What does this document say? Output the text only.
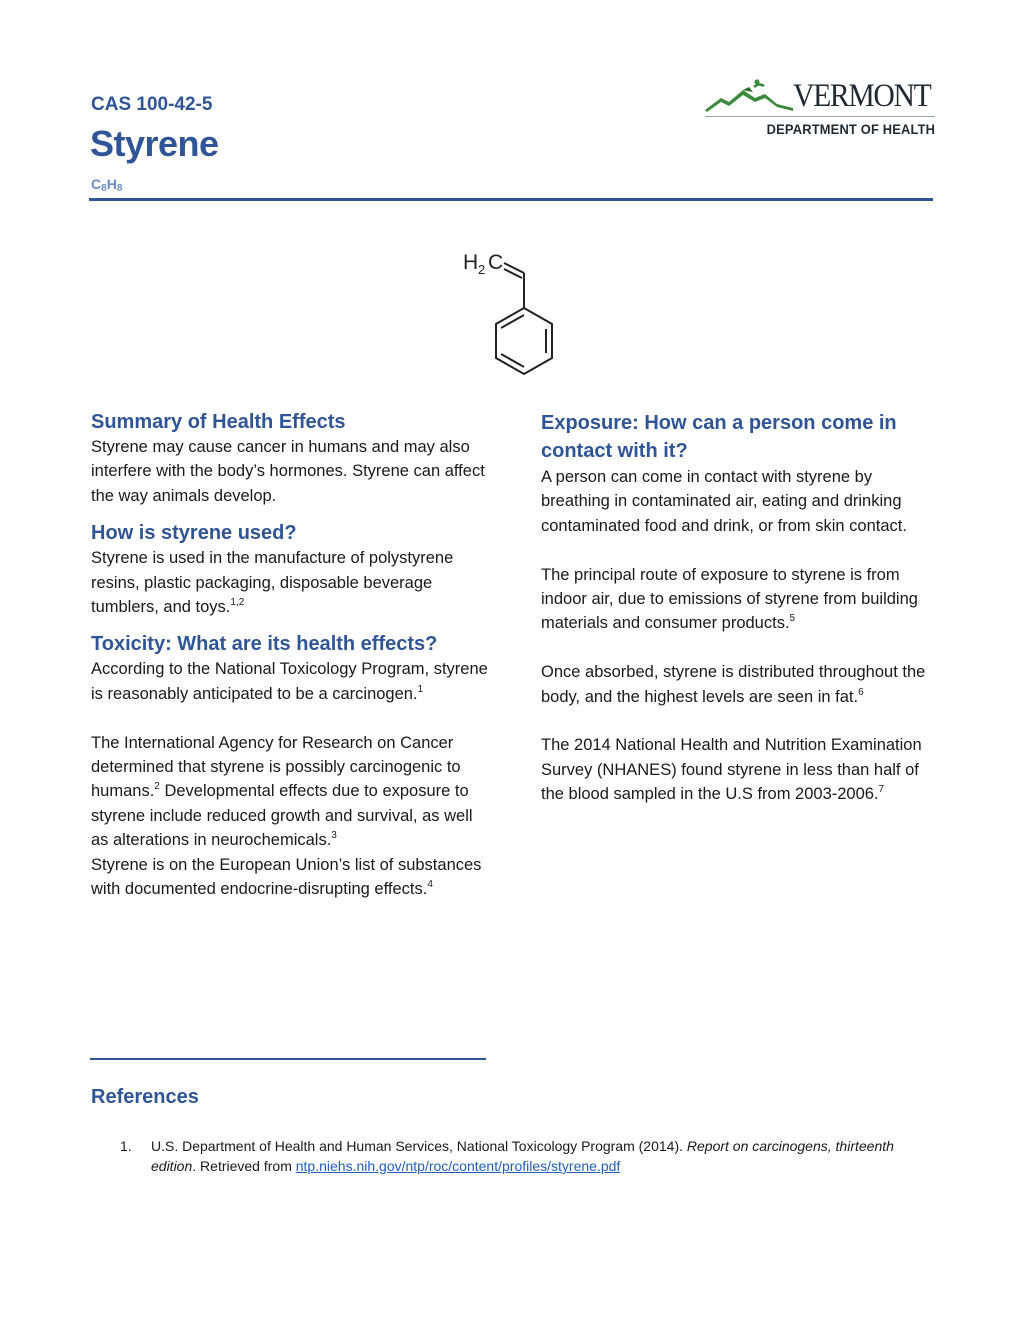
CAS 100-42-5
Styrene
$C_8H_8$
VERMONT
DEPARTMENT OF HEALTH
H 2 C

Summary of Health Effects

Styrene may cause cancer in humans and may also interfere with the body’s hormones. Styrene can affect the way animals develop.

How is styrene used?

Styrene is used in the manufacture of polystyrene resins, plastic packaging, disposable beverage tumblers, and toys.$^{1,2}$

Toxicity: What are its health effects?

According to the National Toxicology Program, styrene is reasonably anticipated to be a carcinogen.$^1$

The International Agency for Research on Cancer determined that styrene is possibly carcinogenic to humans.$^2$ Developmental effects due to exposure to styrene include reduced growth and survival, as well as alterations in neurochemicals.$^3$

Styrene is on the European Union’s list of substances with documented endocrine-disrupting effects.$^4$

Exposure: How can a person come in contact with it?

A person can come in contact with styrene by breathing in contaminated air, eating and drinking contaminated food and drink, or from skin contact.

The principal route of exposure to styrene is from indoor air, due to emissions of styrene from building materials and consumer products.$^5$

Once absorbed, styrene is distributed throughout the body, and the highest levels are seen in fat.$^6$

The 2014 National Health and Nutrition Examination Survey (NHANES) found styrene in less than half of the blood sampled in the U.S from 2003-2006.$^7$

References
1. U.S. Department of Health and Human Services, National Toxicology Program (2014). Report on carcinogens, thirteenth edition. Retrieved from ntp.niehs.nih.gov/ntp/roc/content/profiles/styrene.pdf
